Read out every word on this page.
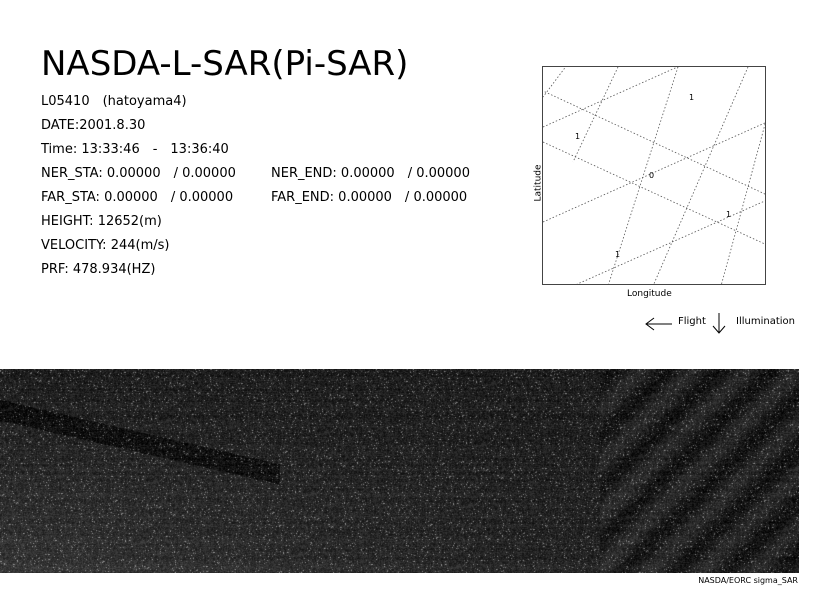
NASDA-L-SAR(Pi-SAR)
L05410　(hatoyama4)
DATE:2001.8.30
Time: 13:33:46　-　13:36:40
NER_STA: 0.00000　/ 0.00000
FAR_STA: 0.00000　/ 0.00000
HEIGHT: 12652(m)
VELOCITY: 244(m/s)
PRF: 478.934(HZ)
NER_END: 0.00000　/ 0.00000
FAR_END: 0.00000　/ 0.00000
1
1
0
1
1
Latitude
Longitude
Flight	Illumination
NASDA/EORC sigma_SAR
